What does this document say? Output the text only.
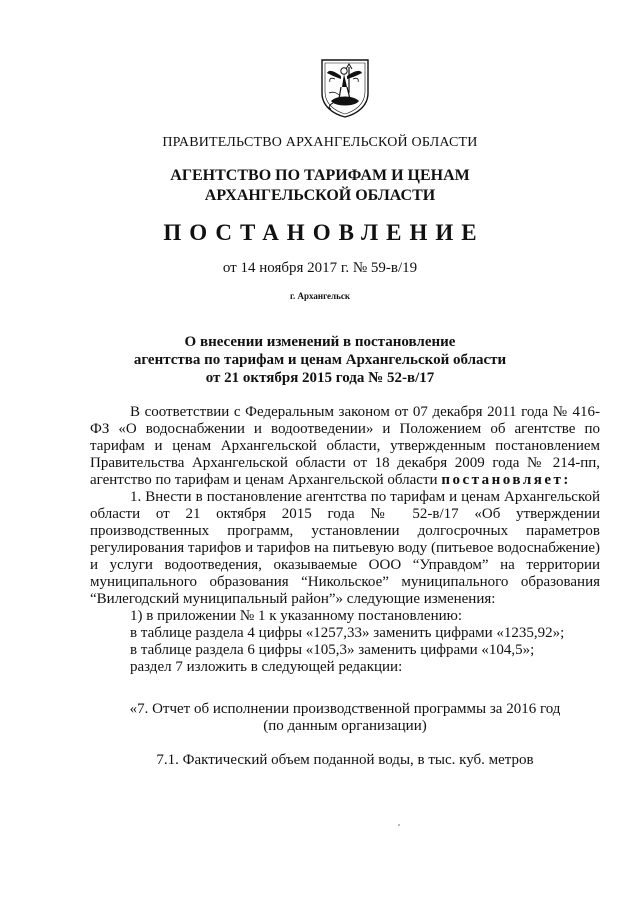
ПРАВИТЕЛЬСТВО АРХАНГЕЛЬСКОЙ ОБЛАСТИ
АГЕНТСТВО ПО ТАРИФАМ И ЦЕНАМ
АРХАНГЕЛЬСКОЙ ОБЛАСТИ
ПОСТАНОВЛЕНИЕ
от 14 ноября 2017 г. № 59-в/19
г. Архангельск
О внесении изменений в постановление
агентства по тарифам и ценам Архангельской области
от 21 октября 2015 года № 52-в/17

В соответствии с Федеральным законом от 07 декабря 2011 года № 416-ФЗ «О водоснабжении и водоотведении» и Положением об агентстве по тарифам и ценам Архангельской области, утвержденным постановлением Правительства Архангельской области от 18 декабря 2009 года № 214-пп, агентство по тарифам и ценам Архангельской области постановляет:

1. Внести в постановление агентства по тарифам и ценам Архангельской области от 21 октября 2015 года № 52-в/17 «Об утверждении производственных программ, установлении долгосрочных параметров регулирования тарифов и тарифов на питьевую воду (питьевое водоснабжение) и услуги водоотведения, оказываемые ООО “Управдом” на территории муниципального образования “Никольское” муниципального образования “Вилегодский муниципальный район”» следующие изменения:

1) в приложении № 1 к указанному постановлению:

в таблице раздела 4 цифры «1257,33» заменить цифрами «1235,92»;

в таблице раздела 6 цифры «105,3» заменить цифрами «104,5»;

раздел 7 изложить в следующей редакции:

«7. Отчет об исполнении производственной программы за 2016 год
(по данным организации)
7.1. Фактический объем поданной воды, в тыс. куб. метров
